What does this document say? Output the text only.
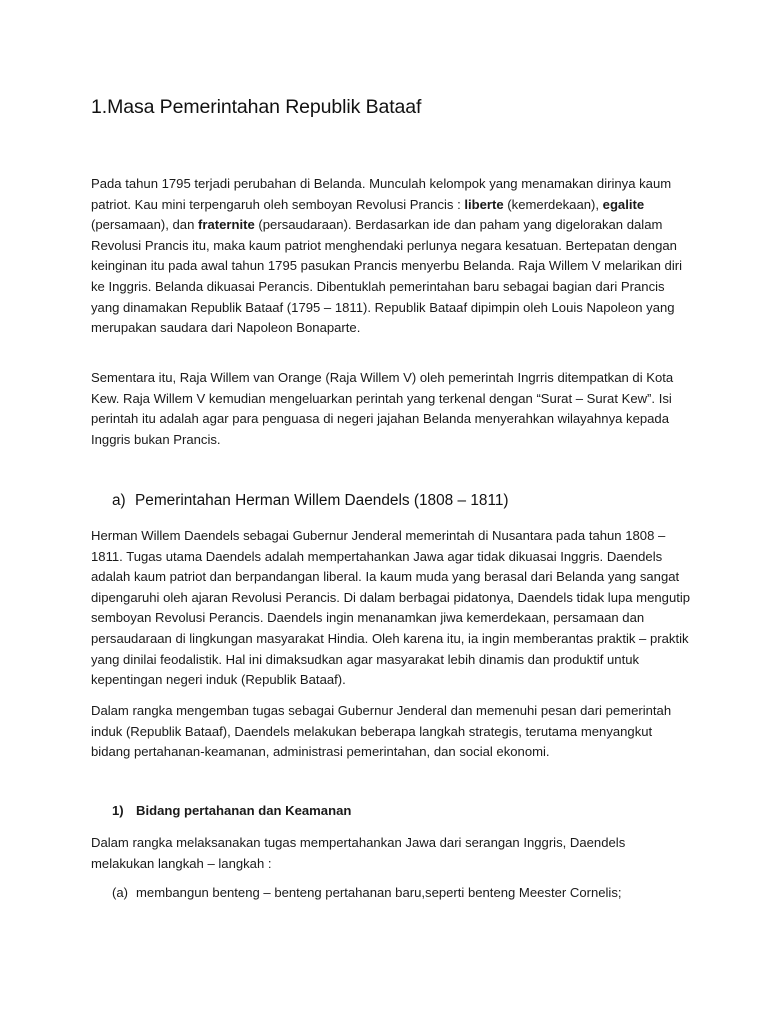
1.Masa Pemerintahan Republik Bataaf

Pada tahun 1795 terjadi perubahan di Belanda. Munculah kelompok yang menamakan dirinya kaum patriot. Kau mini terpengaruh oleh semboyan Revolusi Prancis : liberte (kemerdekaan), egalite (persamaan), dan fraternite (persaudaraan). Berdasarkan ide dan paham yang digelorakan dalam Revolusi Prancis itu, maka kaum patriot menghendaki perlunya negara kesatuan. Bertepatan dengan keinginan itu pada awal tahun 1795 pasukan Prancis menyerbu Belanda. Raja Willem V melarikan diri ke Inggris. Belanda dikuasai Perancis. Dibentuklah pemerintahan baru sebagai bagian dari Prancis yang dinamakan Republik Bataaf (1795 – 1811). Republik Bataaf dipimpin oleh Louis Napoleon yang merupakan saudara dari Napoleon Bonaparte.

Sementara itu, Raja Willem van Orange (Raja Willem V) oleh pemerintah Ingrris ditempatkan di Kota Kew. Raja Willem V kemudian mengeluarkan perintah yang terkenal dengan “Surat – Surat Kew”. Isi perintah itu adalah agar para penguasa di negeri jajahan Belanda menyerahkan wilayahnya kepada Inggris bukan Prancis.

a) Pemerintahan Herman Willem Daendels (1808 – 1811)

Herman Willem Daendels sebagai Gubernur Jenderal memerintah di Nusantara pada tahun 1808 – 1811. Tugas utama Daendels adalah mempertahankan Jawa agar tidak dikuasai Inggris. Daendels adalah kaum patriot dan berpandangan liberal. Ia kaum muda yang berasal dari Belanda yang sangat dipengaruhi oleh ajaran Revolusi Perancis. Di dalam berbagai pidatonya, Daendels tidak lupa mengutip semboyan Revolusi Perancis. Daendels ingin menanamkan jiwa kemerdekaan, persamaan dan persaudaraan di lingkungan masyarakat Hindia. Oleh karena itu, ia ingin memberantas praktik – praktik yang dinilai feodalistik. Hal ini dimaksudkan agar masyarakat lebih dinamis dan produktif untuk kepentingan negeri induk (Republik Bataaf).

Dalam rangka mengemban tugas sebagai Gubernur Jenderal dan memenuhi pesan dari pemerintah induk (Republik Bataaf), Daendels melakukan beberapa langkah strategis, terutama menyangkut bidang pertahanan-keamanan, administrasi pemerintahan, dan social ekonomi.

1) Bidang pertahanan dan Keamanan

Dalam rangka melaksanakan tugas mempertahankan Jawa dari serangan Inggris, Daendels melakukan langkah – langkah :

(a) membangun benteng – benteng pertahanan baru,seperti benteng Meester Cornelis;
